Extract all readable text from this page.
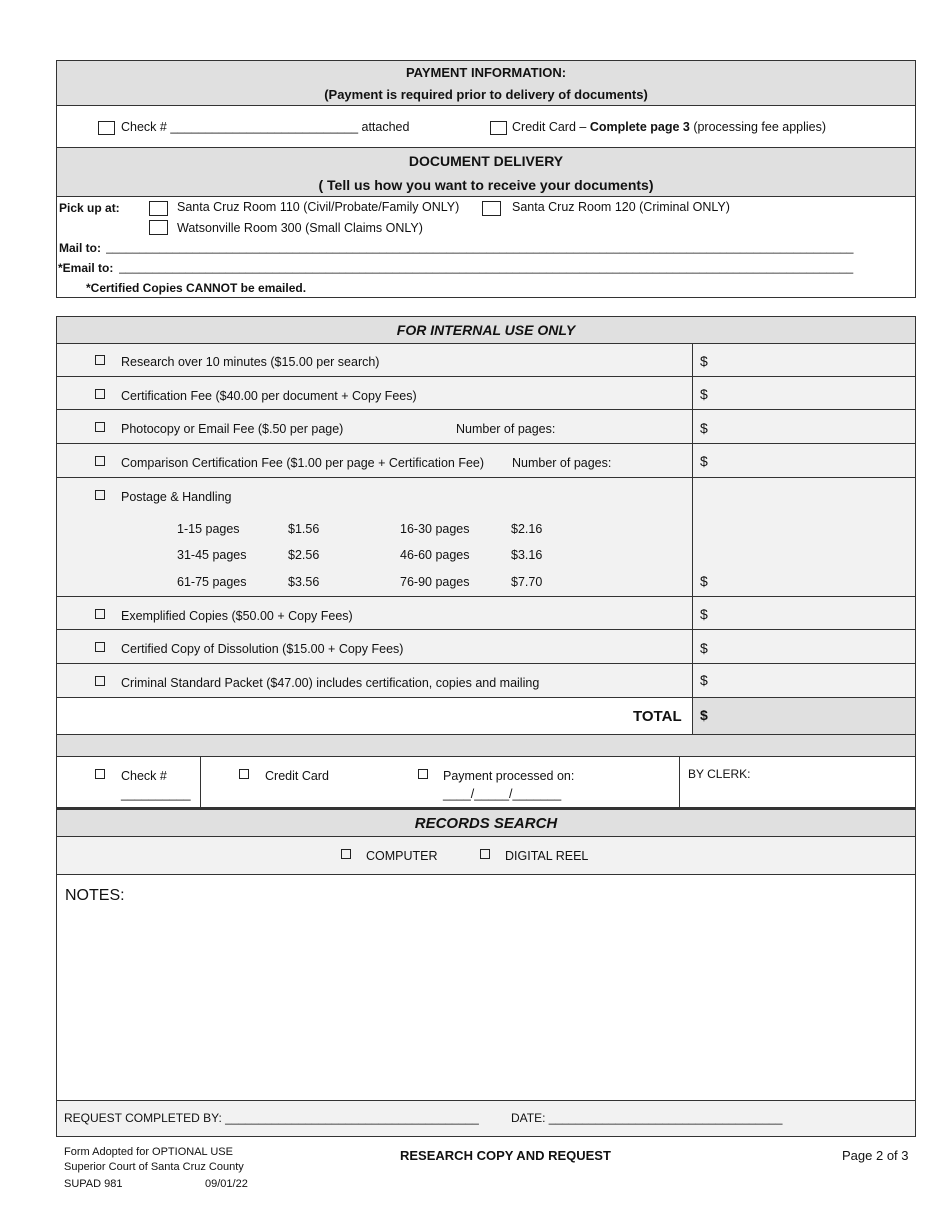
PAYMENT INFORMATION:
(Payment is required prior to delivery of documents)
Check # ___________________________ attached	Credit Card – Complete page 3 (processing fee applies)
DOCUMENT DELIVERY
( Tell us how you want to receive your documents)
Pick up at:	Santa Cruz Room 110 (Civil/Probate/Family ONLY)	Santa Cruz Room 120 (Criminal ONLY)
Watsonville Room 300 (Small Claims ONLY)
Mail to: ________________________________________________________________________________________________________________
*Email to: ______________________________________________________________________________________________________________
*Certified Copies CANNOT be emailed.
FOR INTERNAL USE ONLY
Research over 10 minutes ($15.00 per search)	$
Certification Fee ($40.00 per document + Copy Fees)	$
Photocopy or Email Fee ($.50 per page)	Number of pages:	$
Comparison Certification Fee ($1.00 per page + Certification Fee) Number of pages:	$
Postage & Handling
1-15 pages	$1.56	16-30 pages	$2.16
31-45 pages	$2.56	46-60 pages	$3.16
61-75 pages	$3.56	76-90 pages	$7.70	$
Exemplified Copies ($50.00 + Copy Fees)	$
Certified Copy of Dissolution ($15.00 + Copy Fees)	$
Criminal Standard Packet ($47.00) includes certification, copies and mailing	$
TOTAL $
Check #
__________
Credit Card	Payment processed on:
____/_____/_______
BY CLERK:
RECORDS SEARCH
COMPUTER	DIGITAL REEL
NOTES:
REQUEST COMPLETED BY: ______________________________________	DATE: ___________________________________
Form Adopted for OPTIONAL USE
Superior Court of Santa Cruz County
SUPAD 981	09/01/22
RESEARCH COPY AND REQUEST	Page 2 of 3
